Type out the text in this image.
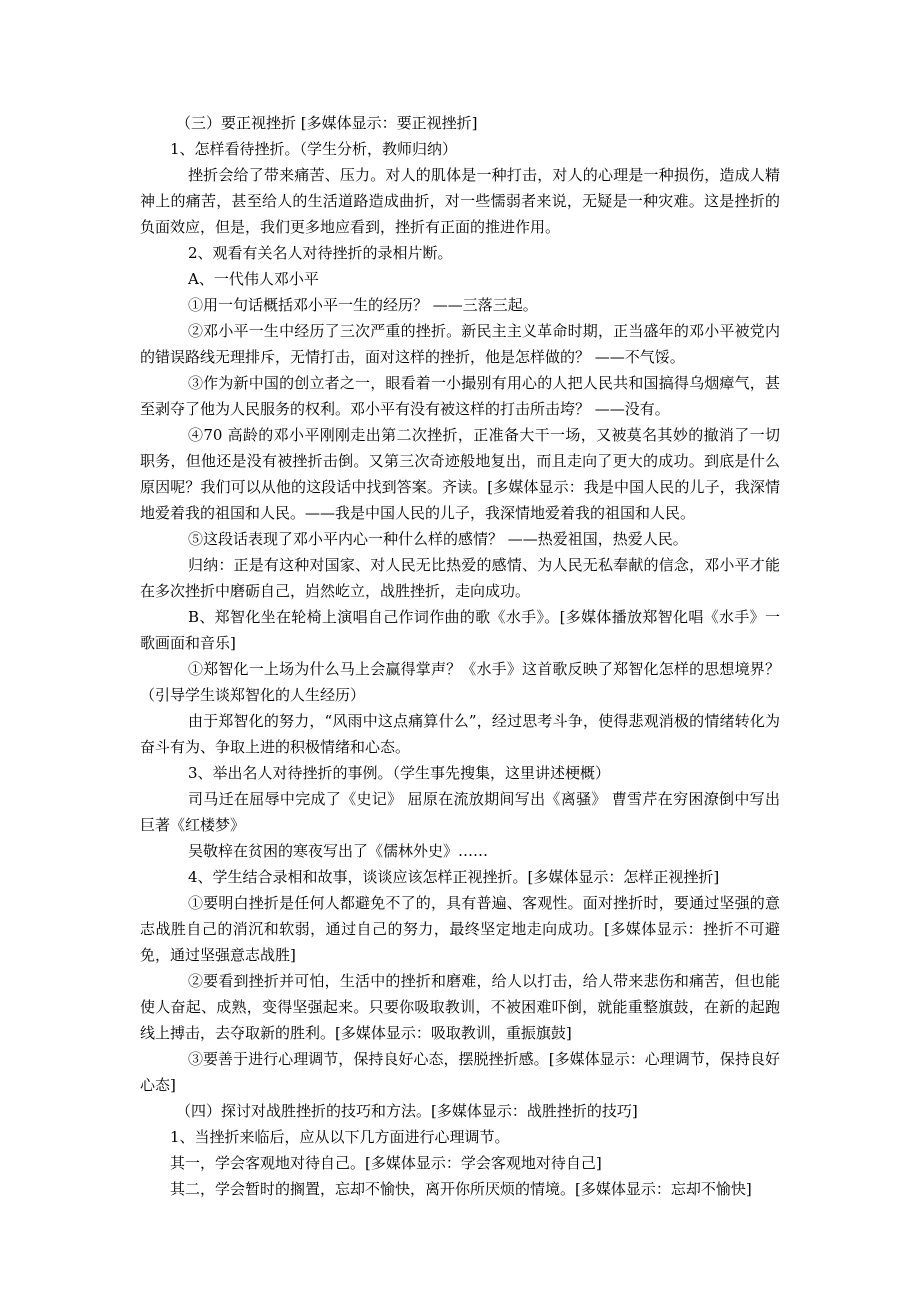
（三）要正视挫折 [多媒体显示：要正视挫折]

1、怎样看待挫折。（学生分析，教师归纳）

挫折会给了带来痛苦、压力。对人的肌体是一种打击，对人的心理是一种损伤，造成人精神上的痛苦，甚至给人的生活道路造成曲折，对一些懦弱者来说，无疑是一种灾难。这是挫折的负面效应，但是，我们更多地应看到，挫折有正面的推进作用。

2、观看有关名人对待挫折的录相片断。

A、一代伟人邓小平

①用一句话概括邓小平一生的经历？ ——三落三起。

②邓小平一生中经历了三次严重的挫折。新民主主义革命时期，正当盛年的邓小平被党内的错误路线无理排斥，无情打击，面对这样的挫折，他是怎样做的？ ——不气馁。

③作为新中国的创立者之一，眼看着一小撮别有用心的人把人民共和国搞得乌烟瘴气，甚至剥夺了他为人民服务的权利。邓小平有没有被这样的打击所击垮？ ——没有。

④70 高龄的邓小平刚刚走出第二次挫折，正准备大干一场，又被莫名其妙的撤消了一切职务，但他还是没有被挫折击倒。又第三次奇迹般地复出，而且走向了更大的成功。到底是什么原因呢？我们可以从他的这段话中找到答案。齐读。[多媒体显示：我是中国人民的儿子，我深情地爱着我的祖国和人民。——我是中国人民的儿子，我深情地爱着我的祖国和人民。

⑤这段话表现了邓小平内心一种什么样的感情？ ——热爱祖国，热爱人民。

归纳：正是有这种对国家、对人民无比热爱的感情、为人民无私奉献的信念，邓小平才能在多次挫折中磨砺自己，岿然屹立，战胜挫折，走向成功。

B、郑智化坐在轮椅上演唱自己作词作曲的歌《水手》。[多媒体播放郑智化唱《水手》一歌画面和音乐]

①郑智化一上场为什么马上会赢得掌声？《水手》这首歌反映了郑智化怎样的思想境界？（引导学生谈郑智化的人生经历）

由于郑智化的努力，“风雨中这点痛算什么”，经过思考斗争，使得悲观消极的情绪转化为奋斗有为、争取上进的积极情绪和心态。

3、举出名人对待挫折的事例。（学生事先搜集，这里讲述梗概）

司马迁在屈辱中完成了《史记》 屈原在流放期间写出《离骚》 曹雪芹在穷困潦倒中写出巨著《红楼梦》

吴敬梓在贫困的寒夜写出了《儒林外史》……

4、学生结合录相和故事，谈谈应该怎样正视挫折。[多媒体显示：怎样正视挫折]

①要明白挫折是任何人都避免不了的，具有普遍、客观性。面对挫折时，要通过坚强的意志战胜自己的消沉和软弱，通过自己的努力，最终坚定地走向成功。[多媒体显示：挫折不可避免，通过坚强意志战胜]

②要看到挫折并可怕，生活中的挫折和磨难，给人以打击，给人带来悲伤和痛苦，但也能使人奋起、成熟，变得坚强起来。只要你吸取教训，不被困难吓倒，就能重整旗鼓，在新的起跑线上搏击，去夺取新的胜利。[多媒体显示：吸取教训，重振旗鼓]

③要善于进行心理调节，保持良好心态，摆脱挫折感。[多媒体显示：心理调节，保持良好心态]

（四）探讨对战胜挫折的技巧和方法。[多媒体显示：战胜挫折的技巧]

1、当挫折来临后，应从以下几方面进行心理调节。

其一，学会客观地对待自己。[多媒体显示：学会客观地对待自己]

其二，学会暂时的搁置，忘却不愉快，离开你所厌烦的情境。[多媒体显示：忘却不愉快]
